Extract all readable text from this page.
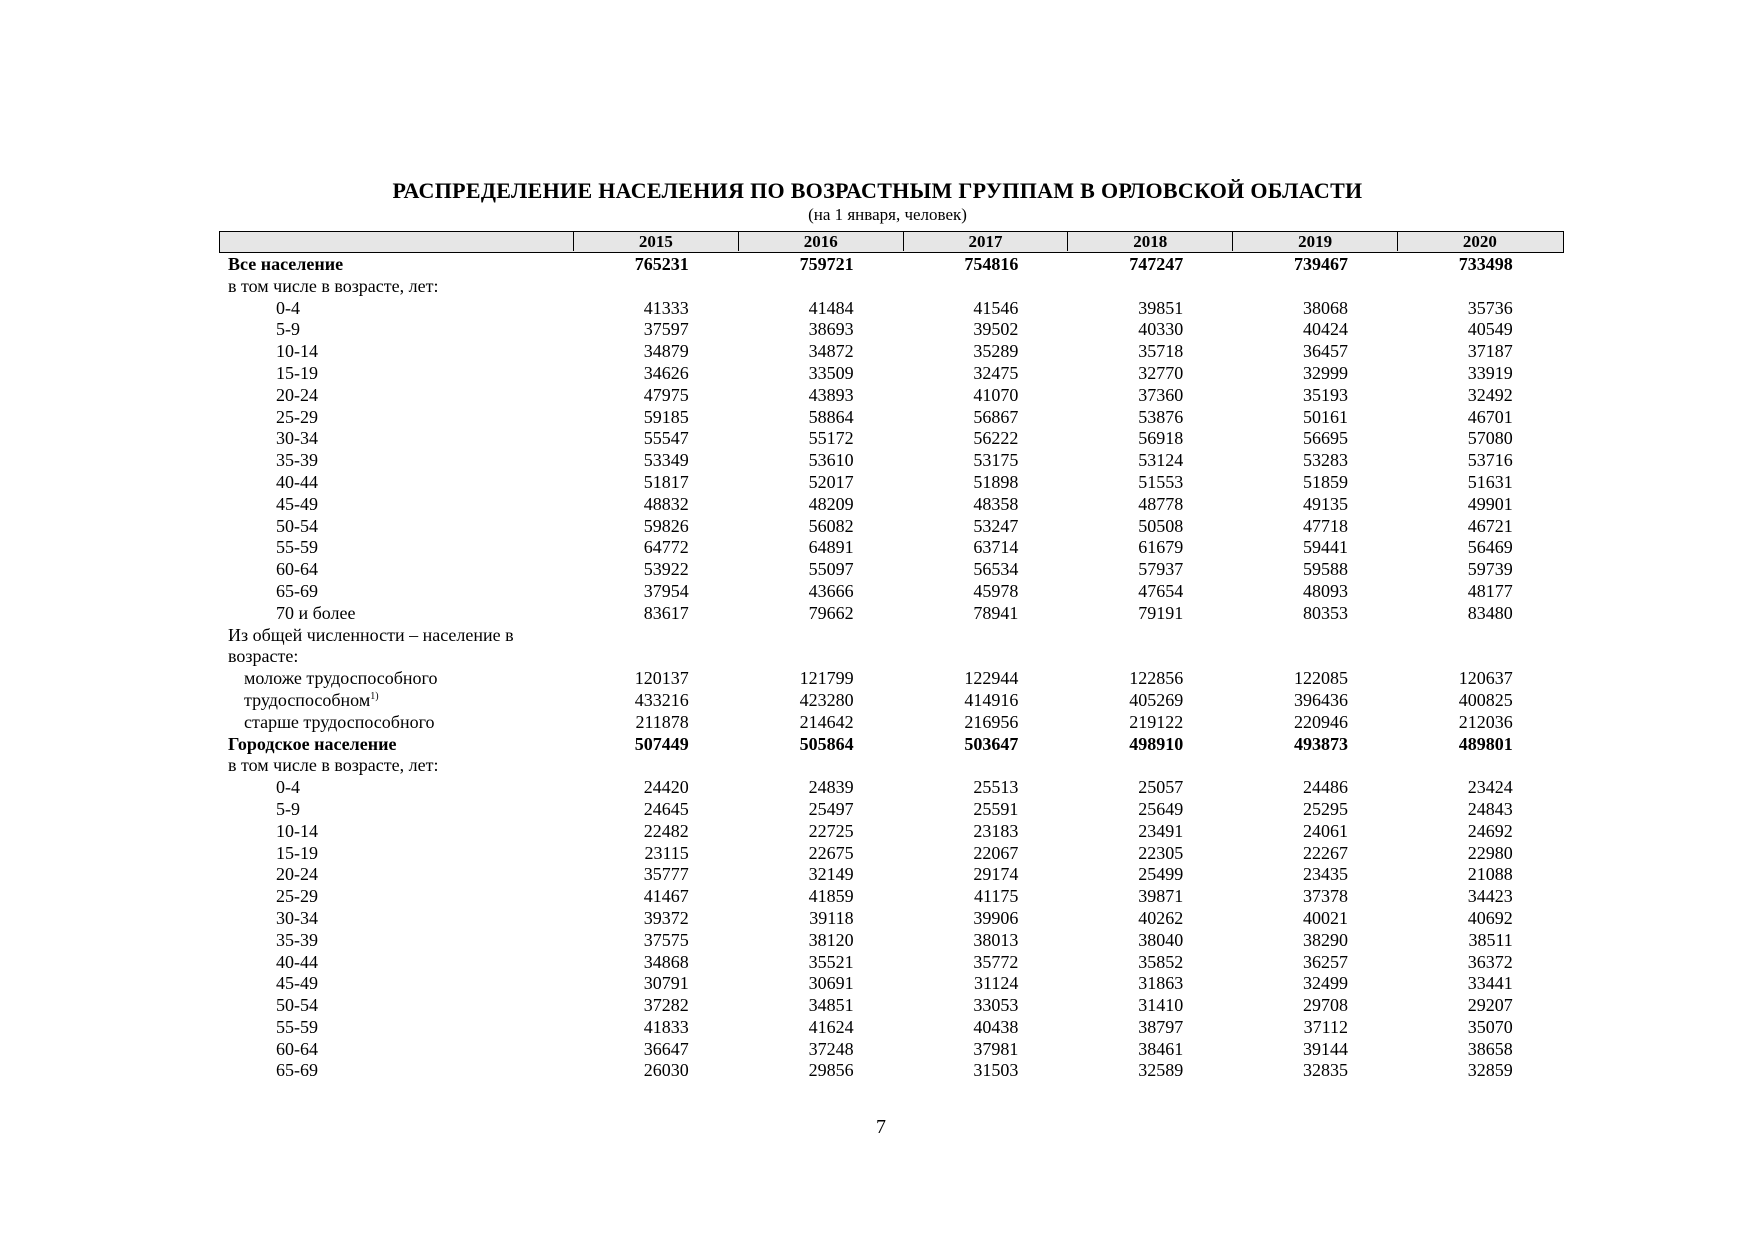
РАСПРЕДЕЛЕНИЕ НАСЕЛЕНИЯ ПО ВОЗРАСТНЫМ ГРУППАМ В ОРЛОВСКОЙ ОБЛАСТИ
(на 1 января, человек)
2015	2016	2017	2018	2019	2020
Все население	765231	759721	754816	747247	739467	733498
в том числе в возрасте, лет:
0-4	41333	41484	41546	39851	38068	35736
5-9	37597	38693	39502	40330	40424	40549
10-14	34879	34872	35289	35718	36457	37187
15-19	34626	33509	32475	32770	32999	33919
20-24	47975	43893	41070	37360	35193	32492
25-29	59185	58864	56867	53876	50161	46701
30-34	55547	55172	56222	56918	56695	57080
35-39	53349	53610	53175	53124	53283	53716
40-44	51817	52017	51898	51553	51859	51631
45-49	48832	48209	48358	48778	49135	49901
50-54	59826	56082	53247	50508	47718	46721
55-59	64772	64891	63714	61679	59441	56469
60-64	53922	55097	56534	57937	59588	59739
65-69	37954	43666	45978	47654	48093	48177
70 и более	83617	79662	78941	79191	80353	83480
Из общей численности – население в
возрасте:
моложе трудоспособного	120137	121799	122944	122856	122085	120637
трудоспособном$^{1)}$	433216	423280	414916	405269	396436	400825
старше трудоспособного	211878	214642	216956	219122	220946	212036
Городское население	507449	505864	503647	498910	493873	489801
в том числе в возрасте, лет:
0-4	24420	24839	25513	25057	24486	23424
5-9	24645	25497	25591	25649	25295	24843
10-14	22482	22725	23183	23491	24061	24692
15-19	23115	22675	22067	22305	22267	22980
20-24	35777	32149	29174	25499	23435	21088
25-29	41467	41859	41175	39871	37378	34423
30-34	39372	39118	39906	40262	40021	40692
35-39	37575	38120	38013	38040	38290	38511
40-44	34868	35521	35772	35852	36257	36372
45-49	30791	30691	31124	31863	32499	33441
50-54	37282	34851	33053	31410	29708	29207
55-59	41833	41624	40438	38797	37112	35070
60-64	36647	37248	37981	38461	39144	38658
65-69	26030	29856	31503	32589	32835	32859
7
